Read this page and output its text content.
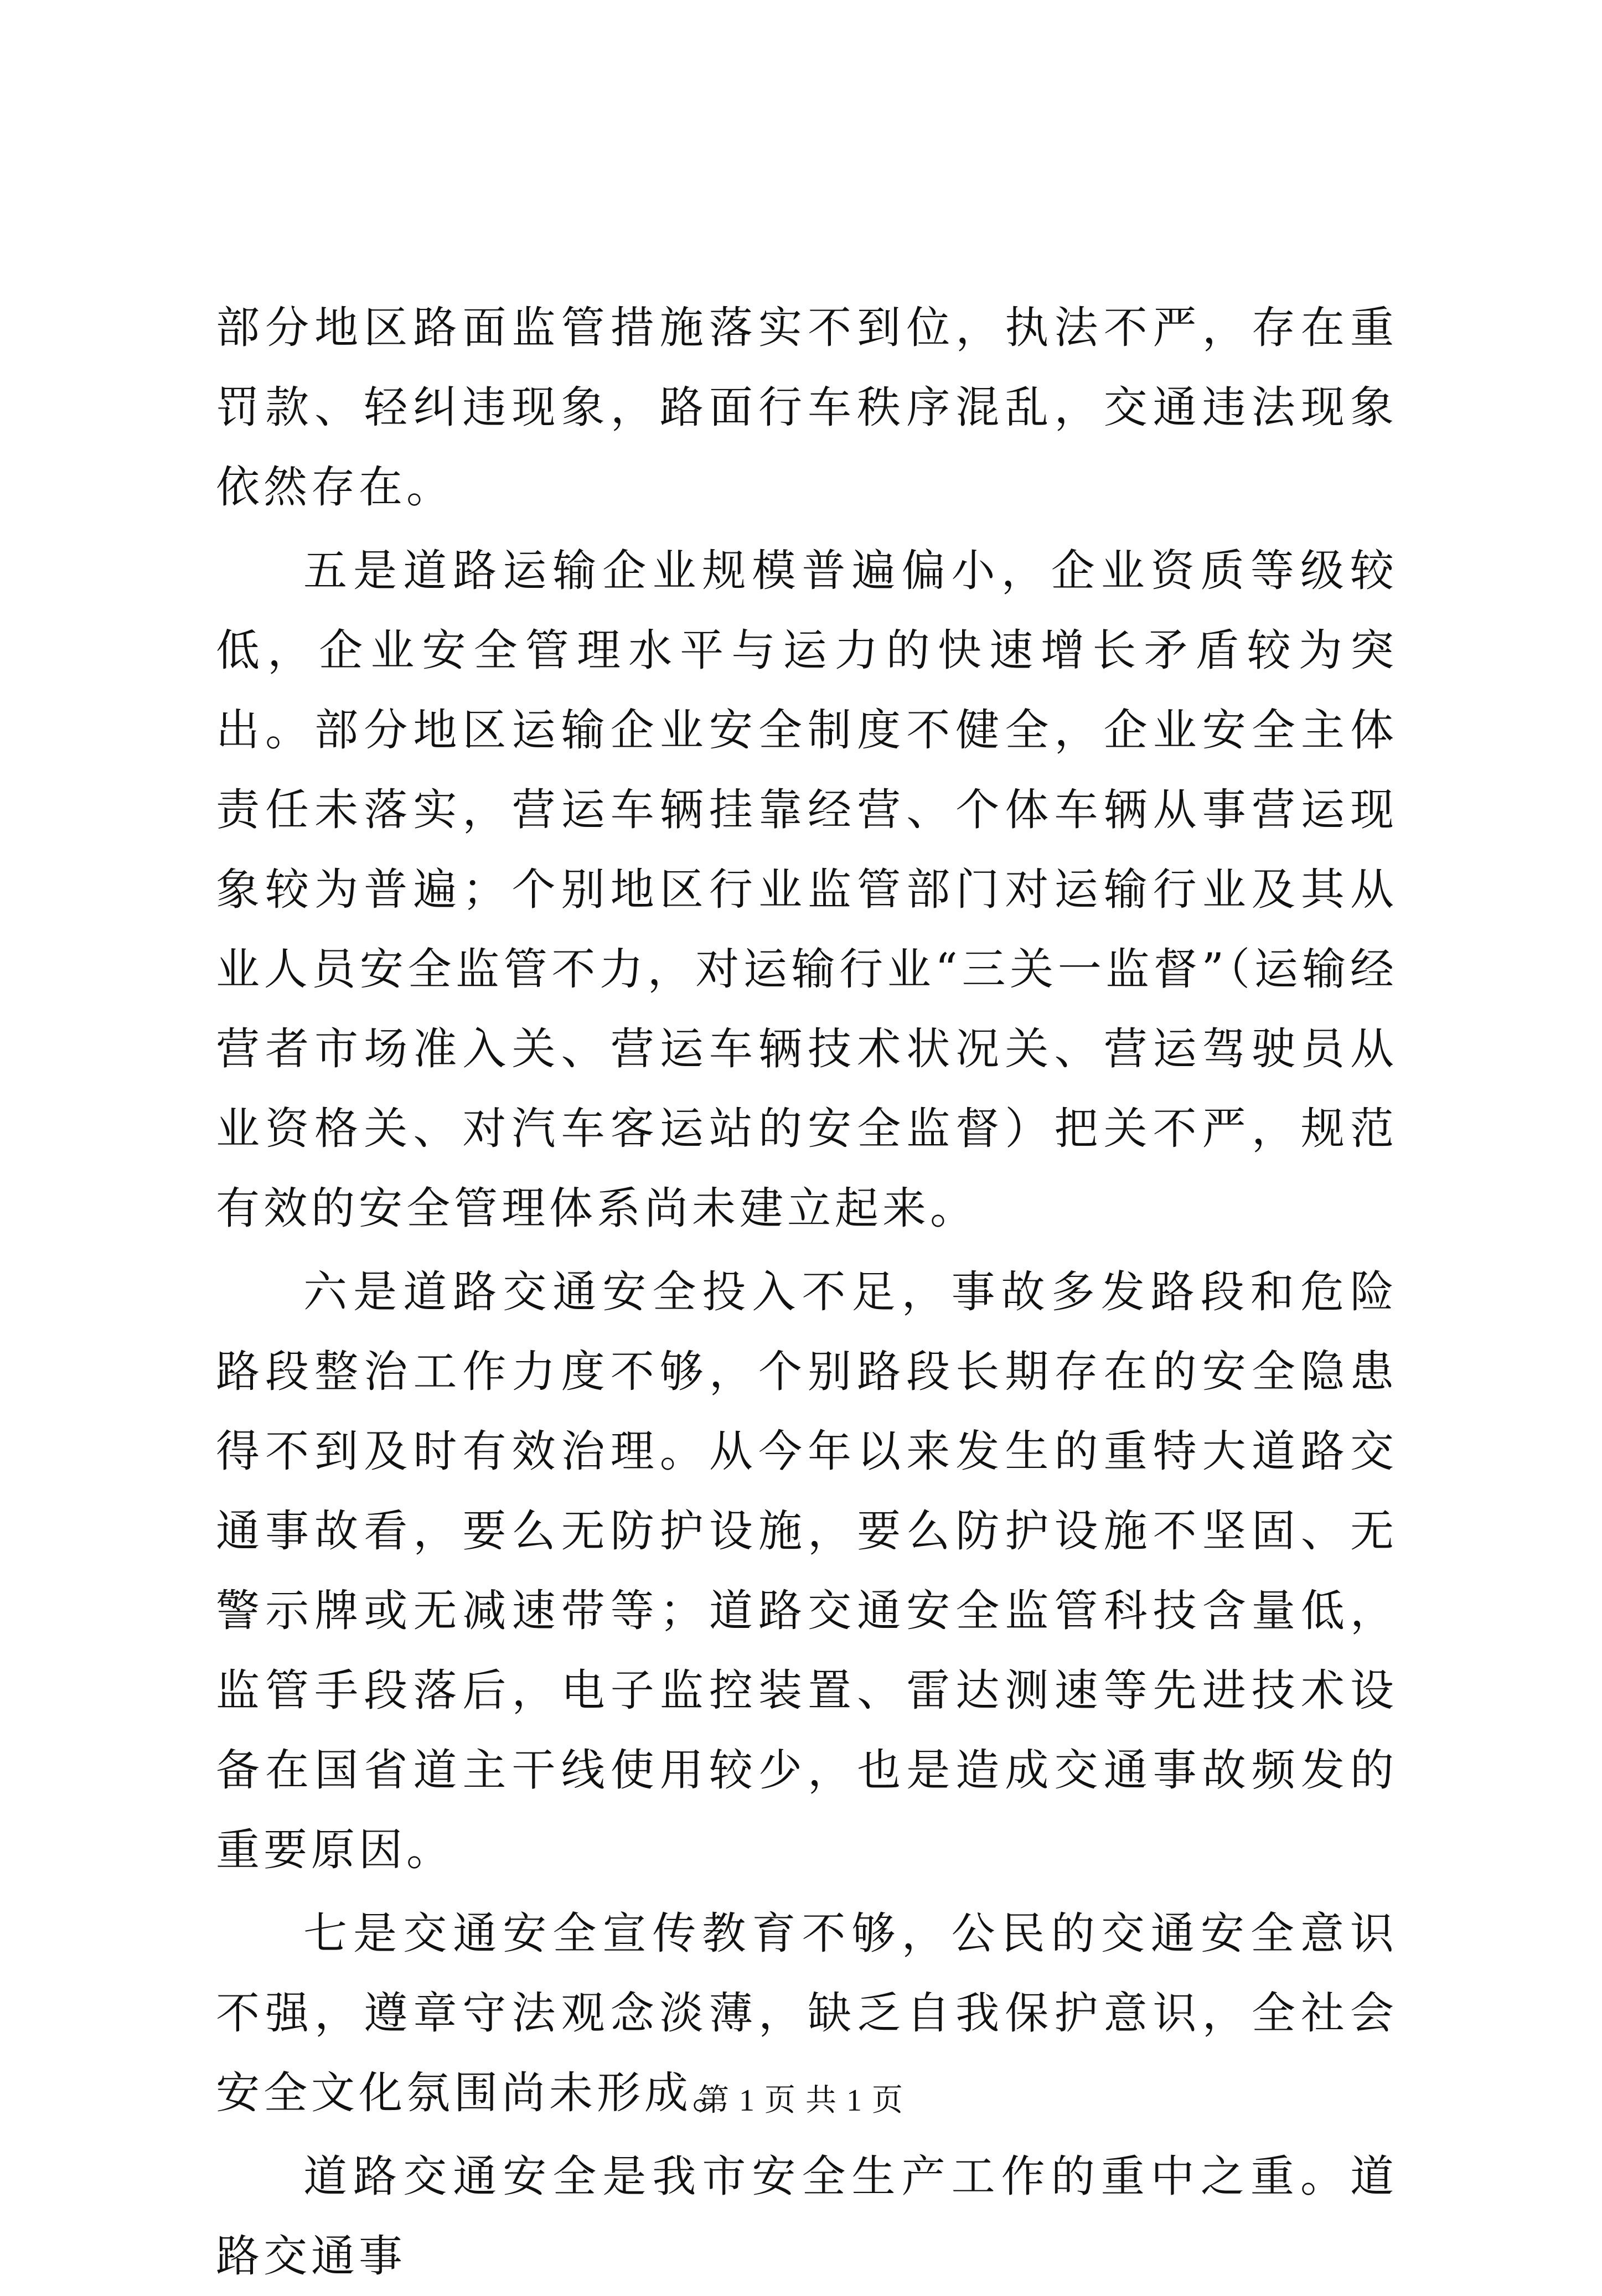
部分地区路面监管措施落实不到位，执法不严，存在重罚款、轻纠违现象，路面行车秩序混乱，交通违法现象依然存在。

五是道路运输企业规模普遍偏小，企业资质等级较低，企业安全管理水平与运力的快速增长矛盾较为突出。部分地区运输企业安全制度不健全，企业安全主体责任未落实，营运车辆挂靠经营、个体车辆从事营运现象较为普遍；个别地区行业监管部门对运输行业及其从业人员安全监管不力，对运输行业“三关一监督”（运输经营者市场准入关、营运车辆技术状况关、营运驾驶员从业资格关、对汽车客运站的安全监督）把关不严，规范有效的安全管理体系尚未建立起来。

六是道路交通安全投入不足，事故多发路段和危险路段整治工作力度不够，个别路段长期存在的安全隐患得不到及时有效治理。从今年以来发生的重特大道路交通事故看，要么无防护设施，要么防护设施不坚固、无警示牌或无减速带等；道路交通安全监管科技含量低，监管手段落后，电子监控装置、雷达测速等先进技术设备在国省道主干线使用较少，也是造成交通事故频发的重要原因。

七是交通安全宣传教育不够，公民的交通安全意识不强，遵章守法观念淡薄，缺乏自我保护意识，全社会安全文化氛围尚未形成。

道路交通安全是我市安全生产工作的重中之重。道路交通事

第 1 页 共 1 页
